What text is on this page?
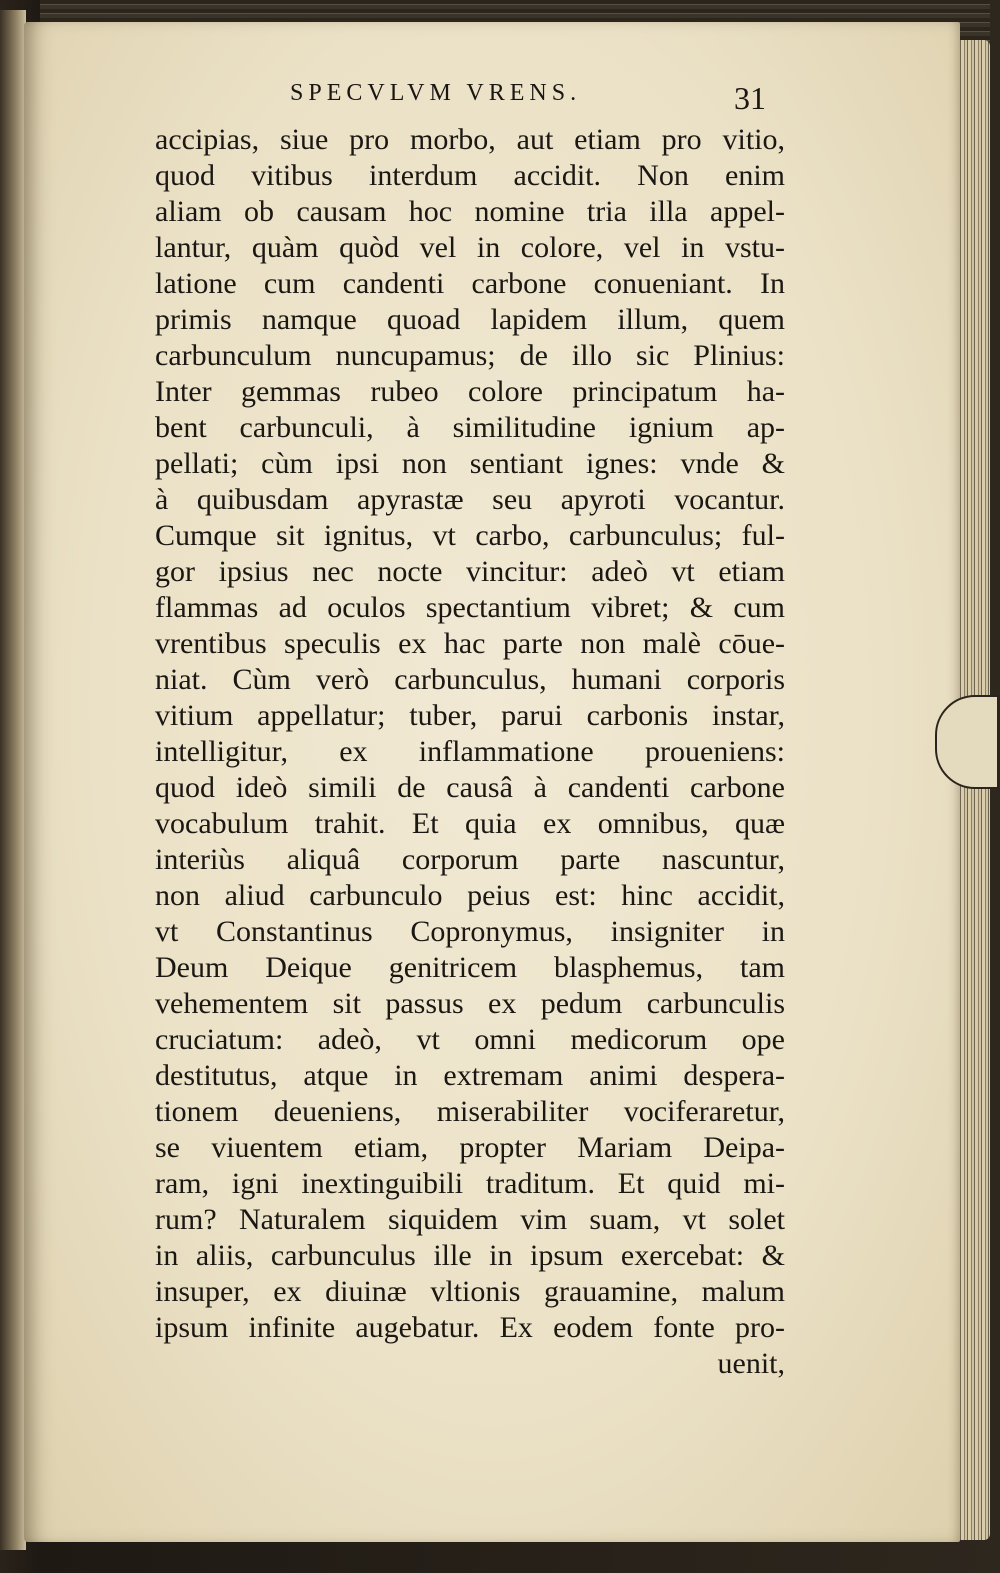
SPECVLVM VRENS.	31
accipias, siue pro morbo, aut etiam pro vitio,
quod vitibus interdum accidit. Non enim
aliam ob causam hoc nomine tria illa appel-
lantur, quàm quòd vel in colore, vel in vstu-
latione cum candenti carbone conueniant. In
primis namque quoad lapidem illum, quem
carbunculum nuncupamus; de illo sic Plinius:
Inter gemmas rubeo colore principatum ha-
bent carbunculi, à similitudine ignium ap-
pellati; cùm ipsi non sentiant ignes: vnde &
à quibusdam apyrastæ seu apyroti vocantur.
Cumque sit ignitus, vt carbo, carbunculus; ful-
gor ipsius nec nocte vincitur: adeò vt etiam
flammas ad oculos spectantium vibret; & cum
vrentibus speculis ex hac parte non malè cōue-
niat. Cùm verò carbunculus, humani corporis
vitium appellatur; tuber, parui carbonis instar,
intelligitur, ex inflammatione proueniens:
quod ideò simili de causâ à candenti carbone
vocabulum trahit. Et quia ex omnibus, quæ
interiùs aliquâ corporum parte nascuntur,
non aliud carbunculo peius est: hinc accidit,
vt Constantinus Copronymus, insigniter in
Deum Deique genitricem blasphemus, tam
vehementem sit passus ex pedum carbunculis
cruciatum: adeò, vt omni medicorum ope
destitutus, atque in extremam animi desperа-
tionem deueniens, miserabiliter vociferaretur,
se viuentem etiam, propter Mariam Deipa-
ram, igni inextinguibili traditum. Et quid mi-
rum? Naturalem siquidem vim suam, vt solet
in aliis, carbunculus ille in ipsum exercebat: &
insuper, ex diuinæ vltionis grauamine, malum
ipsum infinite augebatur. Ex eodem fonte pro-
uenit,
